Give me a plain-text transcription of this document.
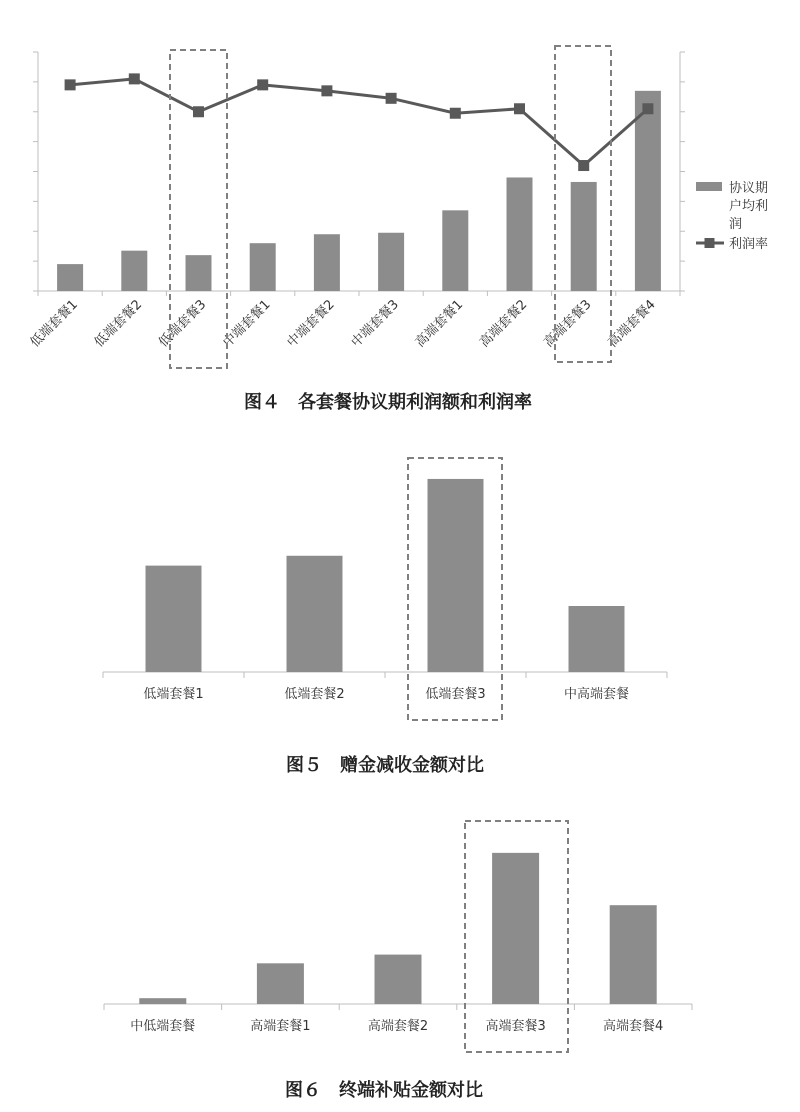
低端套餐1 低端套餐2 低端套餐3 中端套餐1 中端套餐2 中端套餐3 高端套餐1 高端套餐2 高端套餐3 高端套餐4
协议期
户均利
润
利润率
图４　各套餐协议期利润额和利润率
低端套餐1	低端套餐2	低端套餐3	中高端套餐
图５　赠金减收金额对比
中低端套餐	高端套餐1	高端套餐2	高端套餐3	高端套餐4
图６　终端补贴金额对比
